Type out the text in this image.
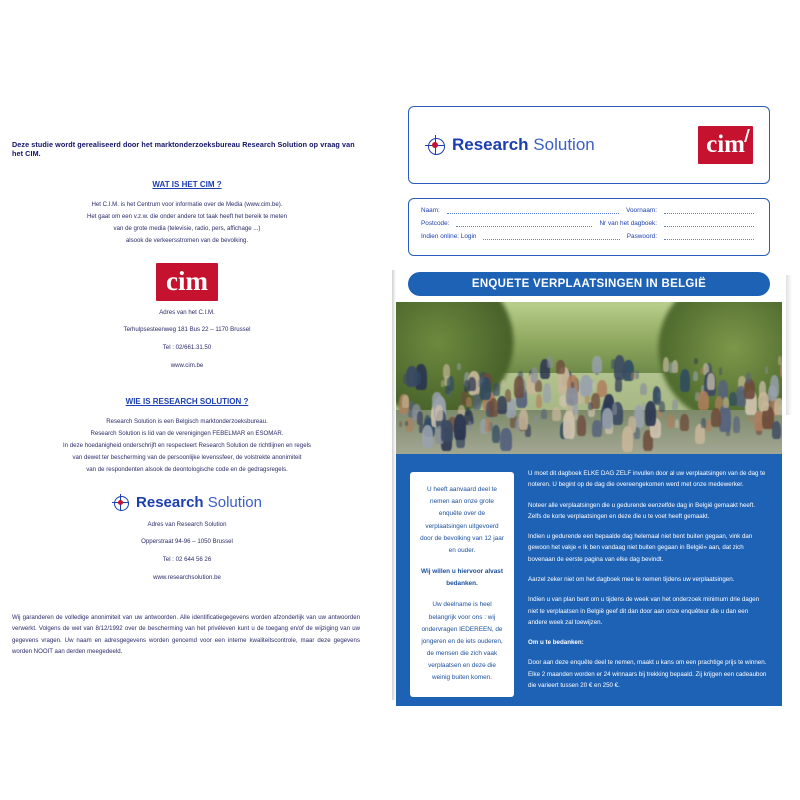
Deze studie wordt gerealiseerd door het marktonderzoeksbureau Research Solution op vraag van het CIM.
WAT IS HET CIM ?

Het C.I.M. is het Centrum voor informatie over de Media (www.cim.be).

Het gaat om een v.z.w. die onder andere tot taak heeft het bereik te meten

van de grote media (televisie, radio, pers, affichage ...)

alsook de verkeersstromen van de bevolking.

cim

Adres van het C.I.M.

Terhulpsesteenweg 181 Bus 22 – 1170 Brussel

Tel : 02/661.31.50

www.cim.be

WIE IS RESEARCH SOLUTION ?

Research Solution is een Belgisch marktonderzoeksbureau.

Research Solution is lid van de verenigingen FEBELMAR en ESOMAR.

In deze hoedanigheid onderschrijft en respecteert Research Solution de richtlijnen en regels

van dewet ter bescherming van de persoonlijke levenssfeer, de volstrekte anonimiteit

van de respondenten alsook de deontologische code en de gedragsregels.

Research Solution

Adres van Research Solution

Opperstraat 94-96 – 1050 Brussel

Tel : 02 644 56 26

www.researchsolution.be

Wij garanderen de volledige anonimiteit van uw antwoorden. Alle identificatiegegevens worden afzonderlijk van uw antwoorden verwerkt. Volgens de wet van 8/12/1992 over de bescherming van het privéleven kunt u de toegang en/of de wijziging van uw gegevens vragen. Uw naam en adresgegevens worden gencemd voor een interne kwaliteitscontrole, maar deze gegevens worden NOOIT aan derden meegedeeld.
Research Solution	cim
Naam:	Voornaam:
Postcode:	Nr van het dagboek:
Indien online: Login	Paswoord:
ENQUETE VERPLAATSINGEN IN BELGIË

U heeft aanvaard deel te nemen aan onze grote enquête over de verplaatsingen uitgevoerd door de bevolking van 12 jaar en ouder.

Wij willen u hiervoor alvast bedanken.

Uw deelname is heel belangrijk voor ons : wij ondervragen IEDEREEN, de jongeren en de iets ouderen, de mensen die zich vaak verplaatsen en deze die weinig buiten komen.

U moet dit dagboek ELKE DAG ZELF invullen door al uw verplaatsingen van de dag te noteren. U begint op de dag die overeengekomen werd met onze medewerker.

Noteer alle verplaatsingen die u gedurende eenzelfde dag in België gemaakt heeft. Zelfs de korte verplaatsingen en deze die u te voet heeft gemaakt.

Indien u gedurende een bepaalde dag helemaal niet bent buiten gegaan, vink dan gewoon het vakje « Ik ben vandaag niet buiten gegaan in België» aan, dat zich bovenaan de eerste pagina van elke dag bevindt.

Aarzel zeker niet om het dagboek mee te nemen tijdens uw verplaatsingen.

Indien u van plan bent om u tijdens de week van het onderzoek minimum drie dagen niet te verplaatsen in België geef dit dan door aan onze enquêteur die u dan een andere week zal toewijzen.

Om u te bedanken:

Door aan deze enquête deel te nemen, maakt u kans om een prachtige prijs te winnen. Elke 2 maanden worden er 24 winnaars bij trekking bepaald. Zij krijgen een cadeaubon die varieert tussen 20 € en 250 €.
